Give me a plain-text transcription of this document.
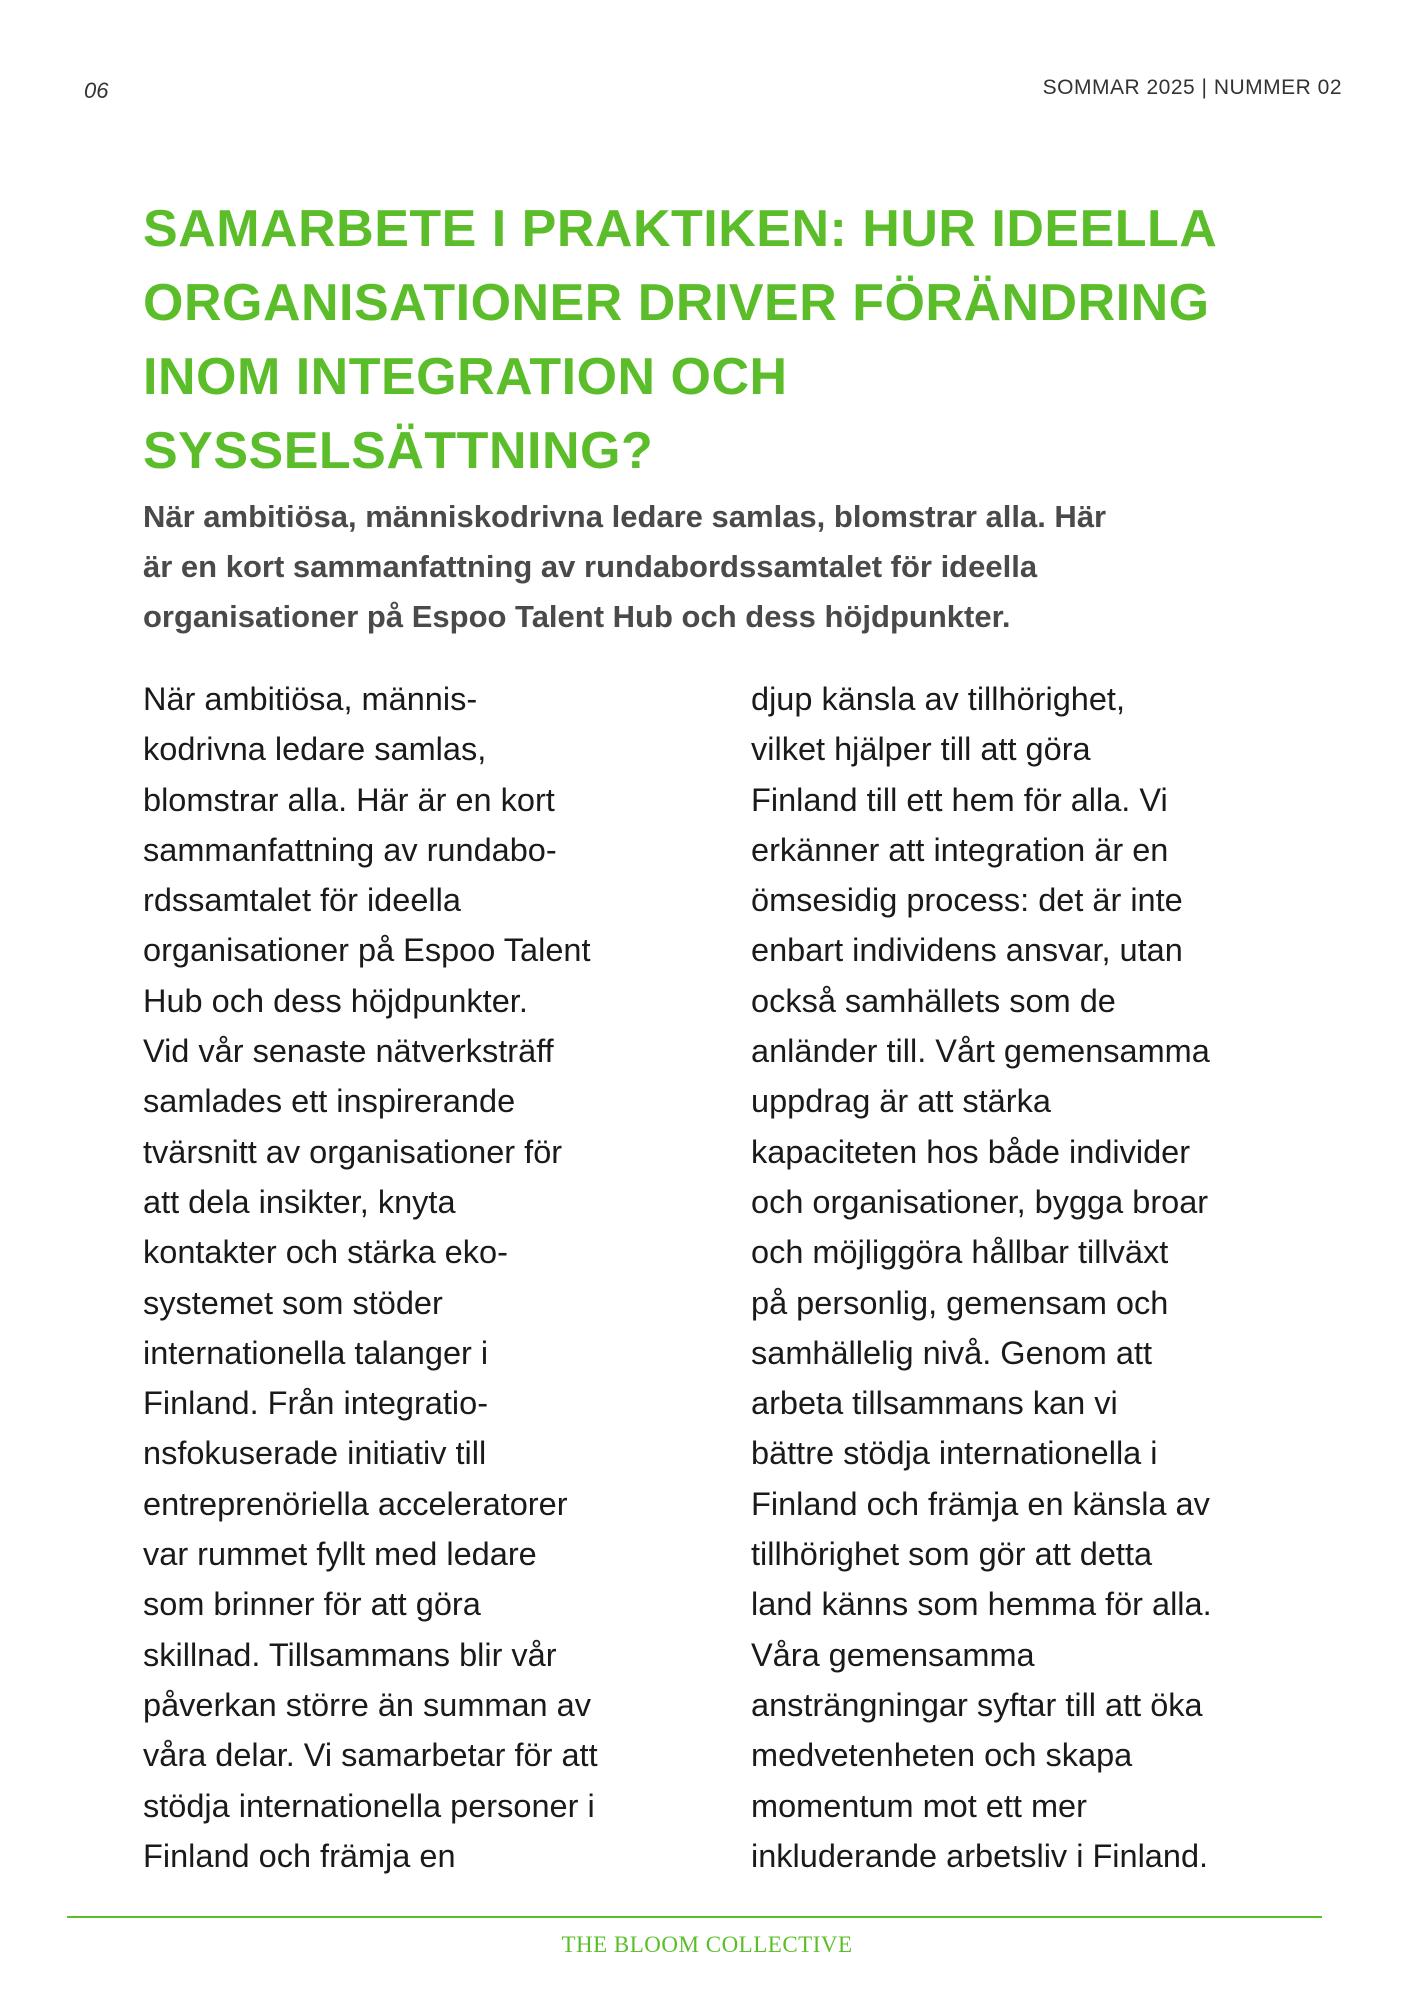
06	SOMMAR 2025 | NUMMER 02
SAMARBETE I PRAKTIKEN: HUR IDEELLA
ORGANISATIONER DRIVER FÖRÄNDRING
INOM INTEGRATION OCH
SYSSELSÄTTNING?

När ambitiösa, människodrivna ledare samlas, blomstrar alla. Här
är en kort sammanfattning av rundabordssamtalet för ideella
organisationer på Espoo Talent Hub och dess höjdpunkter.

När ambitiösa, männis-
kodrivna ledare samlas,
blomstrar alla. Här är en kort
sammanfattning av rundabo-
rdssamtalet för ideella
organisationer på Espoo Talent
Hub och dess höjdpunkter.
Vid vår senaste nätverksträff
samlades ett inspirerande
tvärsnitt av organisationer för
att dela insikter, knyta
kontakter och stärka eko-
systemet som stöder
internationella talanger i
Finland. Från integratio-
nsfokuserade initiativ till
entreprenöriella acceleratorer
var rummet fyllt med ledare
som brinner för att göra
skillnad. Tillsammans blir vår
påverkan större än summan av
våra delar. Vi samarbetar för att
stödja internationella personer i
Finland och främja en
djup känsla av tillhörighet,
vilket hjälper till att göra
Finland till ett hem för alla. Vi
erkänner att integration är en
ömsesidig process: det är inte
enbart individens ansvar, utan
också samhällets som de
anländer till. Vårt gemensamma
uppdrag är att stärka
kapaciteten hos både individer
och organisationer, bygga broar
och möjliggöra hållbar tillväxt
på personlig, gemensam och
samhällelig nivå. Genom att
arbeta tillsammans kan vi
bättre stödja internationella i
Finland och främja en känsla av
tillhörighet som gör att detta
land känns som hemma för alla.
Våra gemensamma
ansträngningar syftar till att öka
medvetenheten och skapa
momentum mot ett mer
inkluderande arbetsliv i Finland.
THE BLOOM COLLECTIVE
